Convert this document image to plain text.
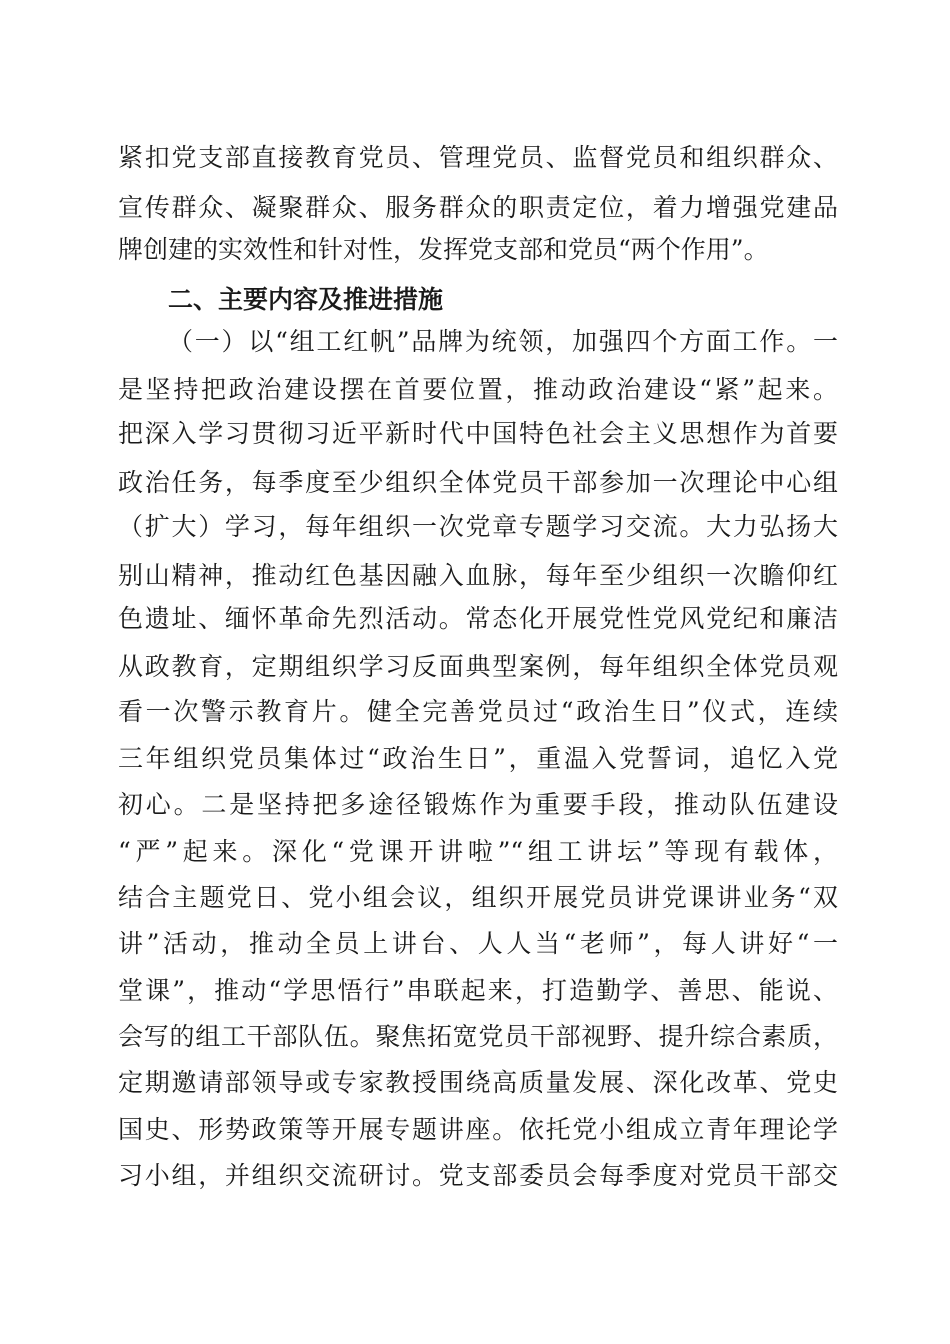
紧扣党支部直接教育党员、管理党员、监督党员和组织群众、
宣传群众、凝聚群众、服务群众的职责定位，着力增强党建品
牌创建的实效性和针对性，发挥党支部和党员“两个作用”。
二、主要内容及推进措施
（一）以“组工红帆”品牌为统领，加强四个方面工作。一
是坚持把政治建设摆在首要位置，推动政治建设“紧”起来。
把深入学习贯彻习近平新时代中国特色社会主义思想作为首要
政治任务，每季度至少组织全体党员干部参加一次理论中心组
（扩大）学习，每年组织一次党章专题学习交流。大力弘扬大
别山精神，推动红色基因融入血脉，每年至少组织一次瞻仰红
色遗址、缅怀革命先烈活动。常态化开展党性党风党纪和廉洁
从政教育，定期组织学习反面典型案例，每年组织全体党员观
看一次警示教育片。健全完善党员过“政治生日”仪式，连续
三年组织党员集体过“政治生日”，重温入党誓词，追忆入党
初心。二是坚持把多途径锻炼作为重要手段，推动队伍建设
“严”起来。深化“党课开讲啦”“组工讲坛”等现有载体，
结合主题党日、党小组会议，组织开展党员讲党课讲业务“双
讲”活动，推动全员上讲台、人人当“老师”，每人讲好“一
堂课”，推动“学思悟行”串联起来，打造勤学、善思、能说、
会写的组工干部队伍。聚焦拓宽党员干部视野、提升综合素质，
定期邀请部领导或专家教授围绕高质量发展、深化改革、党史
国史、形势政策等开展专题讲座。依托党小组成立青年理论学
习小组，并组织交流研讨。党支部委员会每季度对党员干部交
